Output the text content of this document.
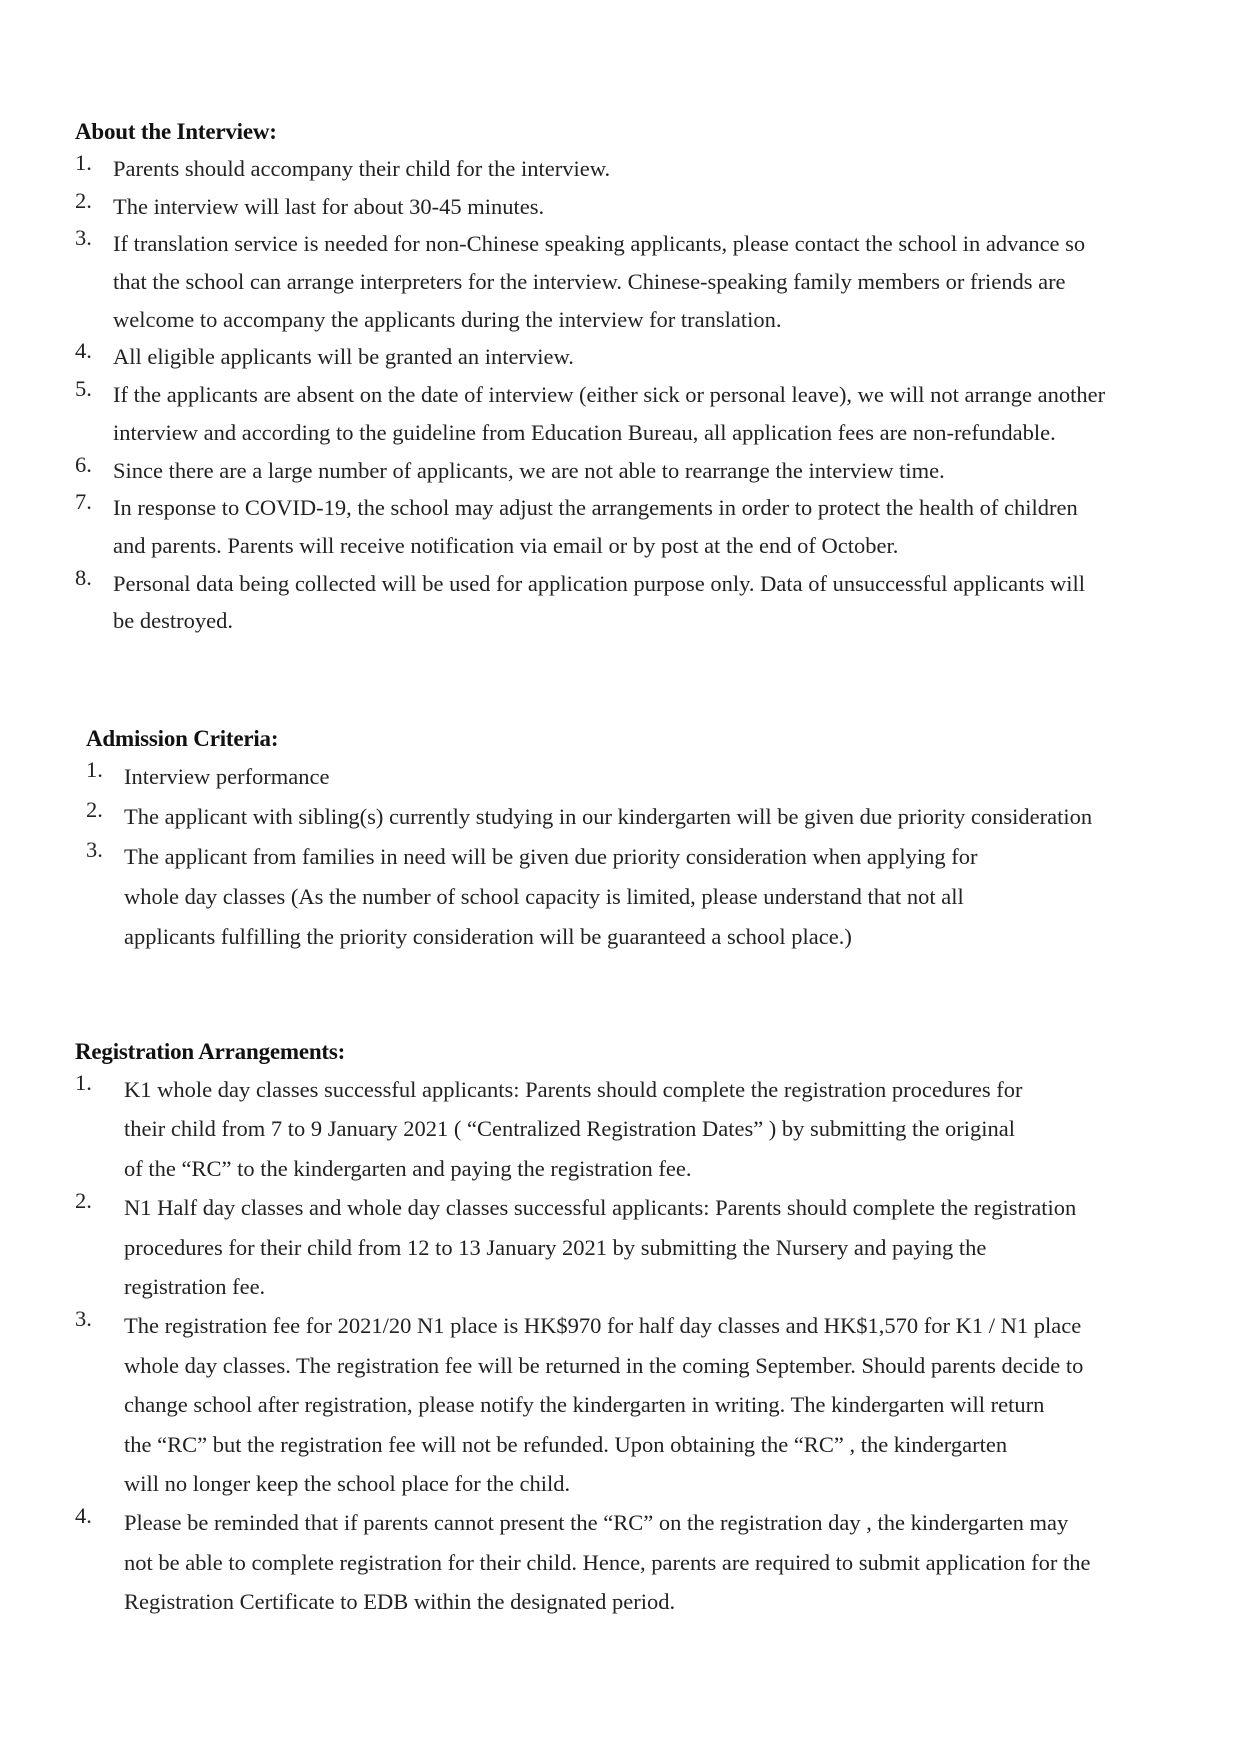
About the Interview:
1. Parents should accompany their child for the interview.
2. The interview will last for about 30-45 minutes.
3. If translation service is needed for non-Chinese speaking applicants, please contact the school in advance so
that the school can arrange interpreters for the interview. Chinese-speaking family members or friends are
welcome to accompany the applicants during the interview for translation.
4. All eligible applicants will be granted an interview.
5. If the applicants are absent on the date of interview (either sick or personal leave), we will not arrange another
interview and according to the guideline from Education Bureau, all application fees are non-refundable.
6. Since there are a large number of applicants, we are not able to rearrange the interview time.
7. In response to COVID-19, the school may adjust the arrangements in order to protect the health of children
and parents. Parents will receive notification via email or by post at the end of October.
8. Personal data being collected will be used for application purpose only. Data of unsuccessful applicants will
be destroyed.
Admission Criteria:
1. Interview performance
2. The applicant with sibling(s) currently studying in our kindergarten will be given due priority consideration
3. The applicant from families in need will be given due priority consideration when applying for
whole day classes (As the number of school capacity is limited, please understand that not all
applicants fulfilling the priority consideration will be guaranteed a school place.)
Registration Arrangements:
1. K1 whole day classes successful applicants: Parents should complete the registration procedures for
their child from 7 to 9 January 2021 ( “Centralized Registration Dates” ) by submitting the original
of the “RC” to the kindergarten and paying the registration fee.
2. N1 Half day classes and whole day classes successful applicants: Parents should complete the registration
procedures for their child from 12 to 13 January 2021 by submitting the Nursery and paying the
registration fee.
3. The registration fee for 2021/20 N1 place is HK$970 for half day classes and HK$1,570 for K1 / N1 place
whole day classes. The registration fee will be returned in the coming September. Should parents decide to
change school after registration, please notify the kindergarten in writing. The kindergarten will return
the “RC” but the registration fee will not be refunded. Upon obtaining the “RC” , the kindergarten
will no longer keep the school place for the child.
4. Please be reminded that if parents cannot present the “RC” on the registration day , the kindergarten may
not be able to complete registration for their child. Hence, parents are required to submit application for the
Registration Certificate to EDB within the designated period.
